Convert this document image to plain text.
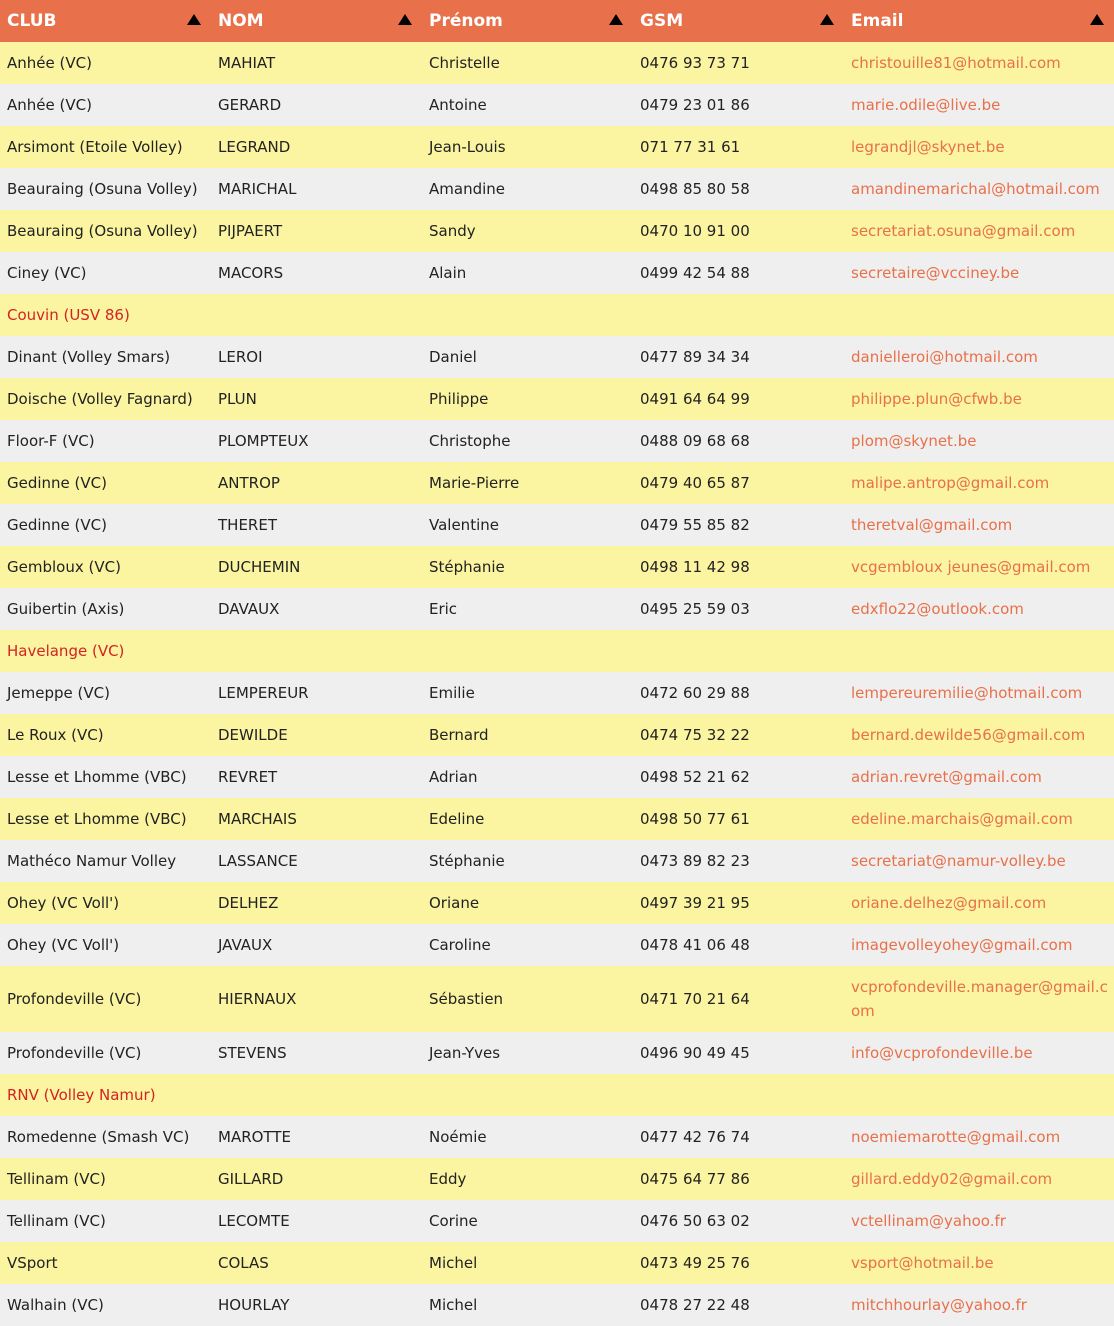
CLUB	NOM	Prénom	GSM	Email

Anhée (VC)	MAHIAT	Christelle	0476 93 73 71	christouille81@hotmail.com
Anhée (VC)	GERARD	Antoine	0479 23 01 86	marie.odile@live.be
Arsimont (Etoile Volley)	LEGRAND	Jean-Louis	071 77 31 61	legrandjl@skynet.be
Beauraing (Osuna Volley)	MARICHAL	Amandine	0498 85 80 58	amandinemarichal@hotmail.com
Beauraing (Osuna Volley)	PIJPAERT	Sandy	0470 10 91 00	secretariat.osuna@gmail.com
Ciney (VC)	MACORS	Alain	0499 42 54 88	secretaire@vcciney.be
Couvin (USV 86)				
Dinant (Volley Smars)	LEROI	Daniel	0477 89 34 34	danielleroi@hotmail.com
Doische (Volley Fagnard)	PLUN	Philippe	0491 64 64 99	philippe.plun@cfwb.be
Floor-F (VC)	PLOMPTEUX	Christophe	0488 09 68 68	plom@skynet.be
Gedinne (VC)	ANTROP	Marie-Pierre	0479 40 65 87	malipe.antrop@gmail.com
Gedinne (VC)	THERET	Valentine	0479 55 85 82	theretval@gmail.com
Gembloux (VC)	DUCHEMIN	Stéphanie	0498 11 42 98	vcgembloux jeunes@gmail.com
Guibertin (Axis)	DAVAUX	Eric	0495 25 59 03	edxflo22@outlook.com
Havelange (VC)				
Jemeppe (VC)	LEMPEREUR	Emilie	0472 60 29 88	lempereuremilie@hotmail.com
Le Roux (VC)	DEWILDE	Bernard	0474 75 32 22	bernard.dewilde56@gmail.com
Lesse et Lhomme (VBC)	REVRET	Adrian	0498 52 21 62	adrian.revret@gmail.com
Lesse et Lhomme (VBC)	MARCHAIS	Edeline	0498 50 77 61	edeline.marchais@gmail.com
Mathéco Namur Volley	LASSANCE	Stéphanie	0473 89 82 23	secretariat@namur-volley.be
Ohey (VC Voll')	DELHEZ	Oriane	0497 39 21 95	oriane.delhez@gmail.com
Ohey (VC Voll')	JAVAUX	Caroline	0478 41 06 48	imagevolleyohey@gmail.com
Profondeville (VC)	HIERNAUX	Sébastien	0471 70 21 64	vcprofondeville.manager@gmail.com
Profondeville (VC)	STEVENS	Jean-Yves	0496 90 49 45	info@vcprofondeville.be
RNV (Volley Namur)				
Romedenne (Smash VC)	MAROTTE	Noémie	0477 42 76 74	noemiemarotte@gmail.com
Tellinam (VC)	GILLARD	Eddy	0475 64 77 86	gillard.eddy02@gmail.com
Tellinam (VC)	LECOMTE	Corine	0476 50 63 02	vctellinam@yahoo.fr
VSport	COLAS	Michel	0473 49 25 76	vsport@hotmail.be
Walhain (VC)	HOURLAY	Michel	0478 27 22 48	mitchhourlay@yahoo.fr
